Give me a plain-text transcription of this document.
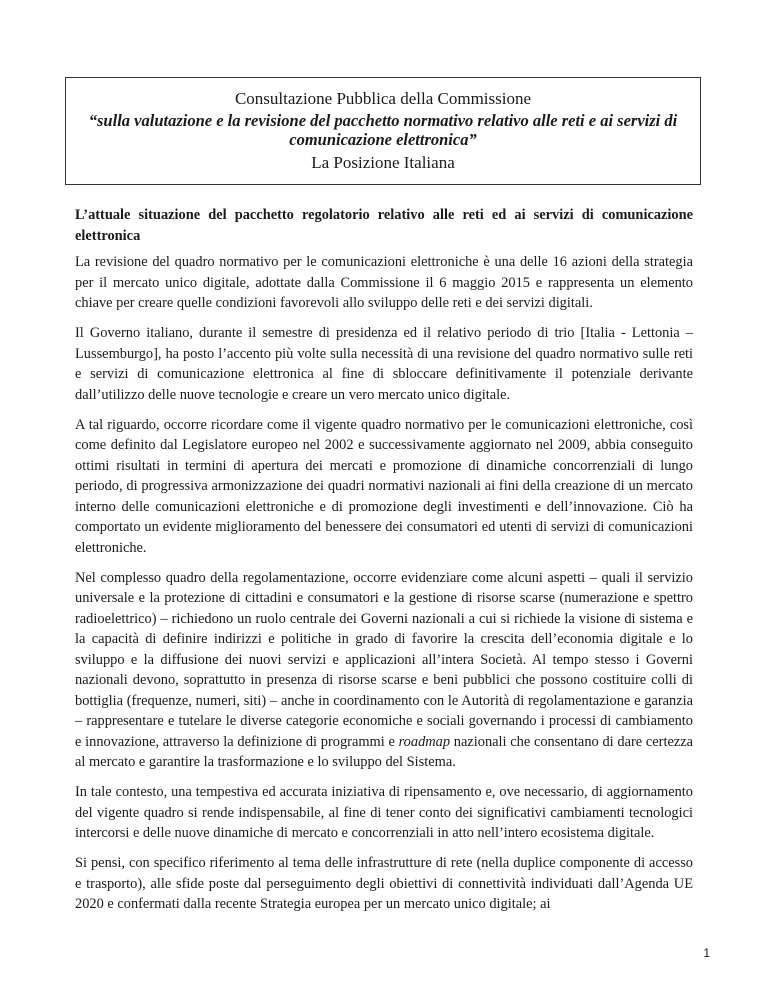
Consultazione Pubblica della Commissione
“sulla valutazione e la revisione del pacchetto normativo relativo alle reti e ai servizi di comunicazione elettronica”
La Posizione Italiana
L’attuale situazione del pacchetto regolatorio relativo alle reti ed ai servizi di comunicazione elettronica

La revisione del quadro normativo per le comunicazioni elettroniche è una delle 16 azioni della strategia per il mercato unico digitale, adottate dalla Commissione il 6 maggio 2015 e rappresenta un elemento chiave per creare quelle condizioni favorevoli allo sviluppo delle reti e dei servizi digitali.

Il Governo italiano, durante il semestre di presidenza ed il relativo periodo di trio [Italia - Lettonia – Lussemburgo], ha posto l’accento più volte sulla necessità di una revisione del quadro normativo sulle reti e servizi di comunicazione elettronica al fine di sbloccare definitivamente il potenziale derivante dall’utilizzo delle nuove tecnologie e creare un vero mercato unico digitale.

A tal riguardo, occorre ricordare come il vigente quadro normativo per le comunicazioni elettroniche, così come definito dal Legislatore europeo nel 2002 e successivamente aggiornato nel 2009, abbia conseguito ottimi risultati in termini di apertura dei mercati e promozione di dinamiche concorrenziali di lungo periodo, di progressiva armonizzazione dei quadri normativi nazionali ai fini della creazione di un mercato interno delle comunicazioni elettroniche e di promozione degli investimenti e dell’innovazione. Ciò ha comportato un evidente miglioramento del benessere dei consumatori ed utenti di servizi di comunicazioni elettroniche.

Nel complesso quadro della regolamentazione, occorre evidenziare come alcuni aspetti – quali il servizio universale e la protezione di cittadini e consumatori e la gestione di risorse scarse (numerazione e spettro radioelettrico) – richiedono un ruolo centrale dei Governi nazionali a cui si richiede la visione di sistema e la capacità di definire indirizzi e politiche in grado di favorire la crescita dell’economia digitale e lo sviluppo e la diffusione dei nuovi servizi e applicazioni all’intera Società. Al tempo stesso i Governi nazionali devono, soprattutto in presenza di risorse scarse e beni pubblici che possono costituire colli di bottiglia (frequenze, numeri, siti) – anche in coordinamento con le Autorità di regolamentazione e garanzia – rappresentare e tutelare le diverse categorie economiche e sociali governando i processi di cambiamento e innovazione, attraverso la definizione di programmi e roadmap nazionali che consentano di dare certezza al mercato e garantire la trasformazione e lo sviluppo del Sistema.

In tale contesto, una tempestiva ed accurata iniziativa di ripensamento e, ove necessario, di aggiornamento del vigente quadro si rende indispensabile, al fine di tener conto dei significativi cambiamenti tecnologici intercorsi e delle nuove dinamiche di mercato e concorrenziali in atto nell’intero ecosistema digitale.

Si pensi, con specifico riferimento al tema delle infrastrutture di rete (nella duplice componente di accesso e trasporto), alle sfide poste dal perseguimento degli obiettivi di connettività individuati dall’Agenda UE 2020 e confermati dalla recente Strategia europea per un mercato unico digitale; ai

1
